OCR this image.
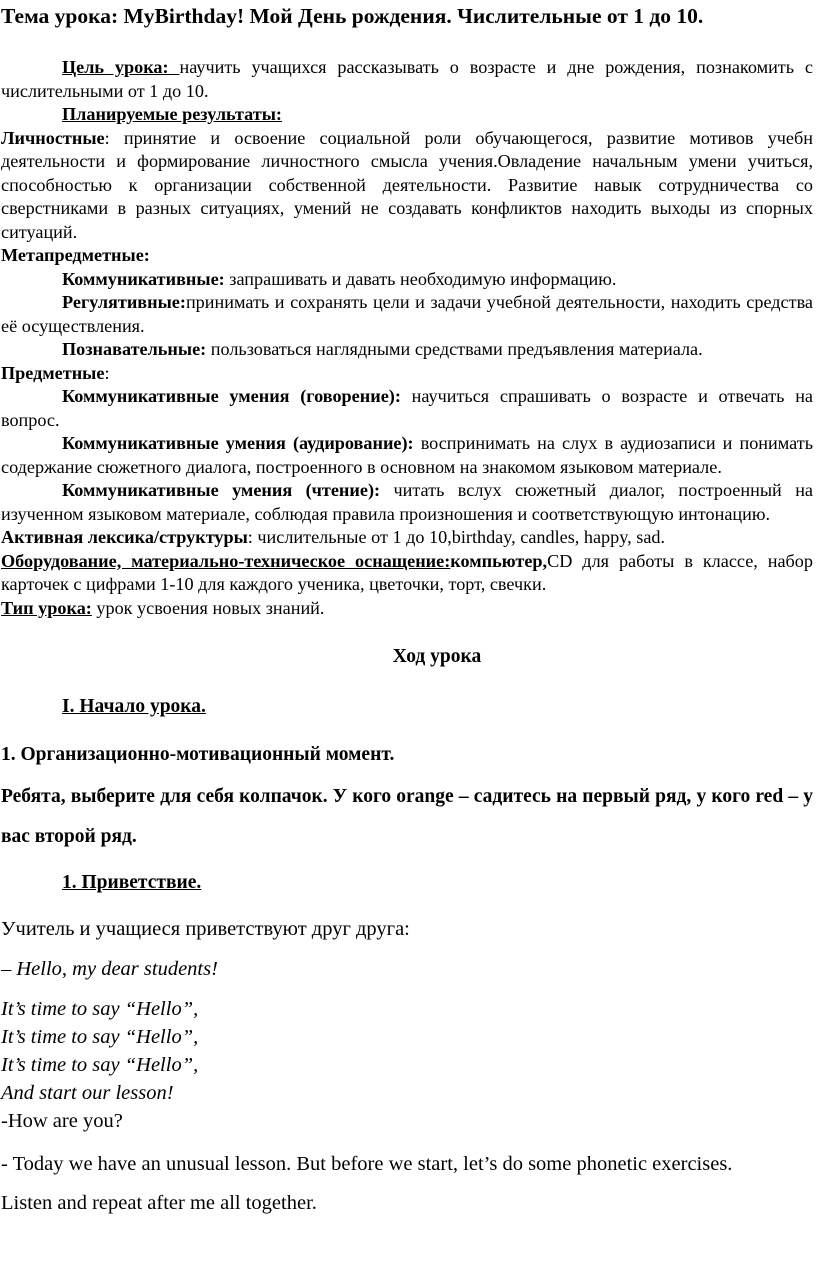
Тема урока: MyBirthday! Мой День рождения. Числительные от 1 до 10.

Цель урока: научить учащихся рассказывать о возрасте и дне рождения, познакомить с числительными от 1 до 10.

Планируемые результаты:

Личностные: принятие и освоение социальной роли обучающегося, развитие мотивов учебн деятельности и формирование личностного смысла учения.Овладение начальным умени учиться, способностью к организации собственной деятельности. Развитие навык сотрудничества со сверстниками в разных ситуациях, умений не создавать конфликтов находить выходы из спорных ситуаций.

Метапредметные:

Коммуникативные: запрашивать и давать необходимую информацию.

Регулятивные:принимать и сохранять цели и задачи учебной деятельности, находить средства её осуществления.

Познавательные: пользоваться наглядными средствами предъявления материала.

Предметные:

Коммуникативные умения (говорение): научиться спрашивать о возрасте и отвечать на вопрос.

Коммуникативные умения (аудирование): воспринимать на слух в аудиозаписи и понимать содержание сюжетного диалога, построенного в основном на знакомом языковом материале.

Коммуникативные умения (чтение): читать вслух сюжетный диалог, построенный на изученном языковом материале, соблюдая правила произношения и соответствующую интонацию.

Активная лексика/структуры: числительные от 1 до 10,birthday, candles, happy, sad.

Оборудование, материально-техническое оснащение:компьютер,CD для работы в классе, набор карточек с цифрами 1-10 для каждого ученика, цветочки, торт, свечки.

Тип урока: урок усвоения новых знаний.

Ход урока

I. Начало урока.

1. Организационно-мотивационный момент.

Ребята, выберите для себя колпачок. У кого orange – садитесь на первый ряд, у кого red – у вас второй ряд.

1. Приветствие.

Учитель и учащиеся приветствуют друг друга:

– Hello, my dear students!

It’s time to say “Hello”,

It’s time to say “Hello”,

It’s time to say “Hello”,

And start our lesson!

-How are you?

- Today we have an unusual lesson. But before we start, let’s do some phonetic exercises.

Listen and repeat after me all together.
